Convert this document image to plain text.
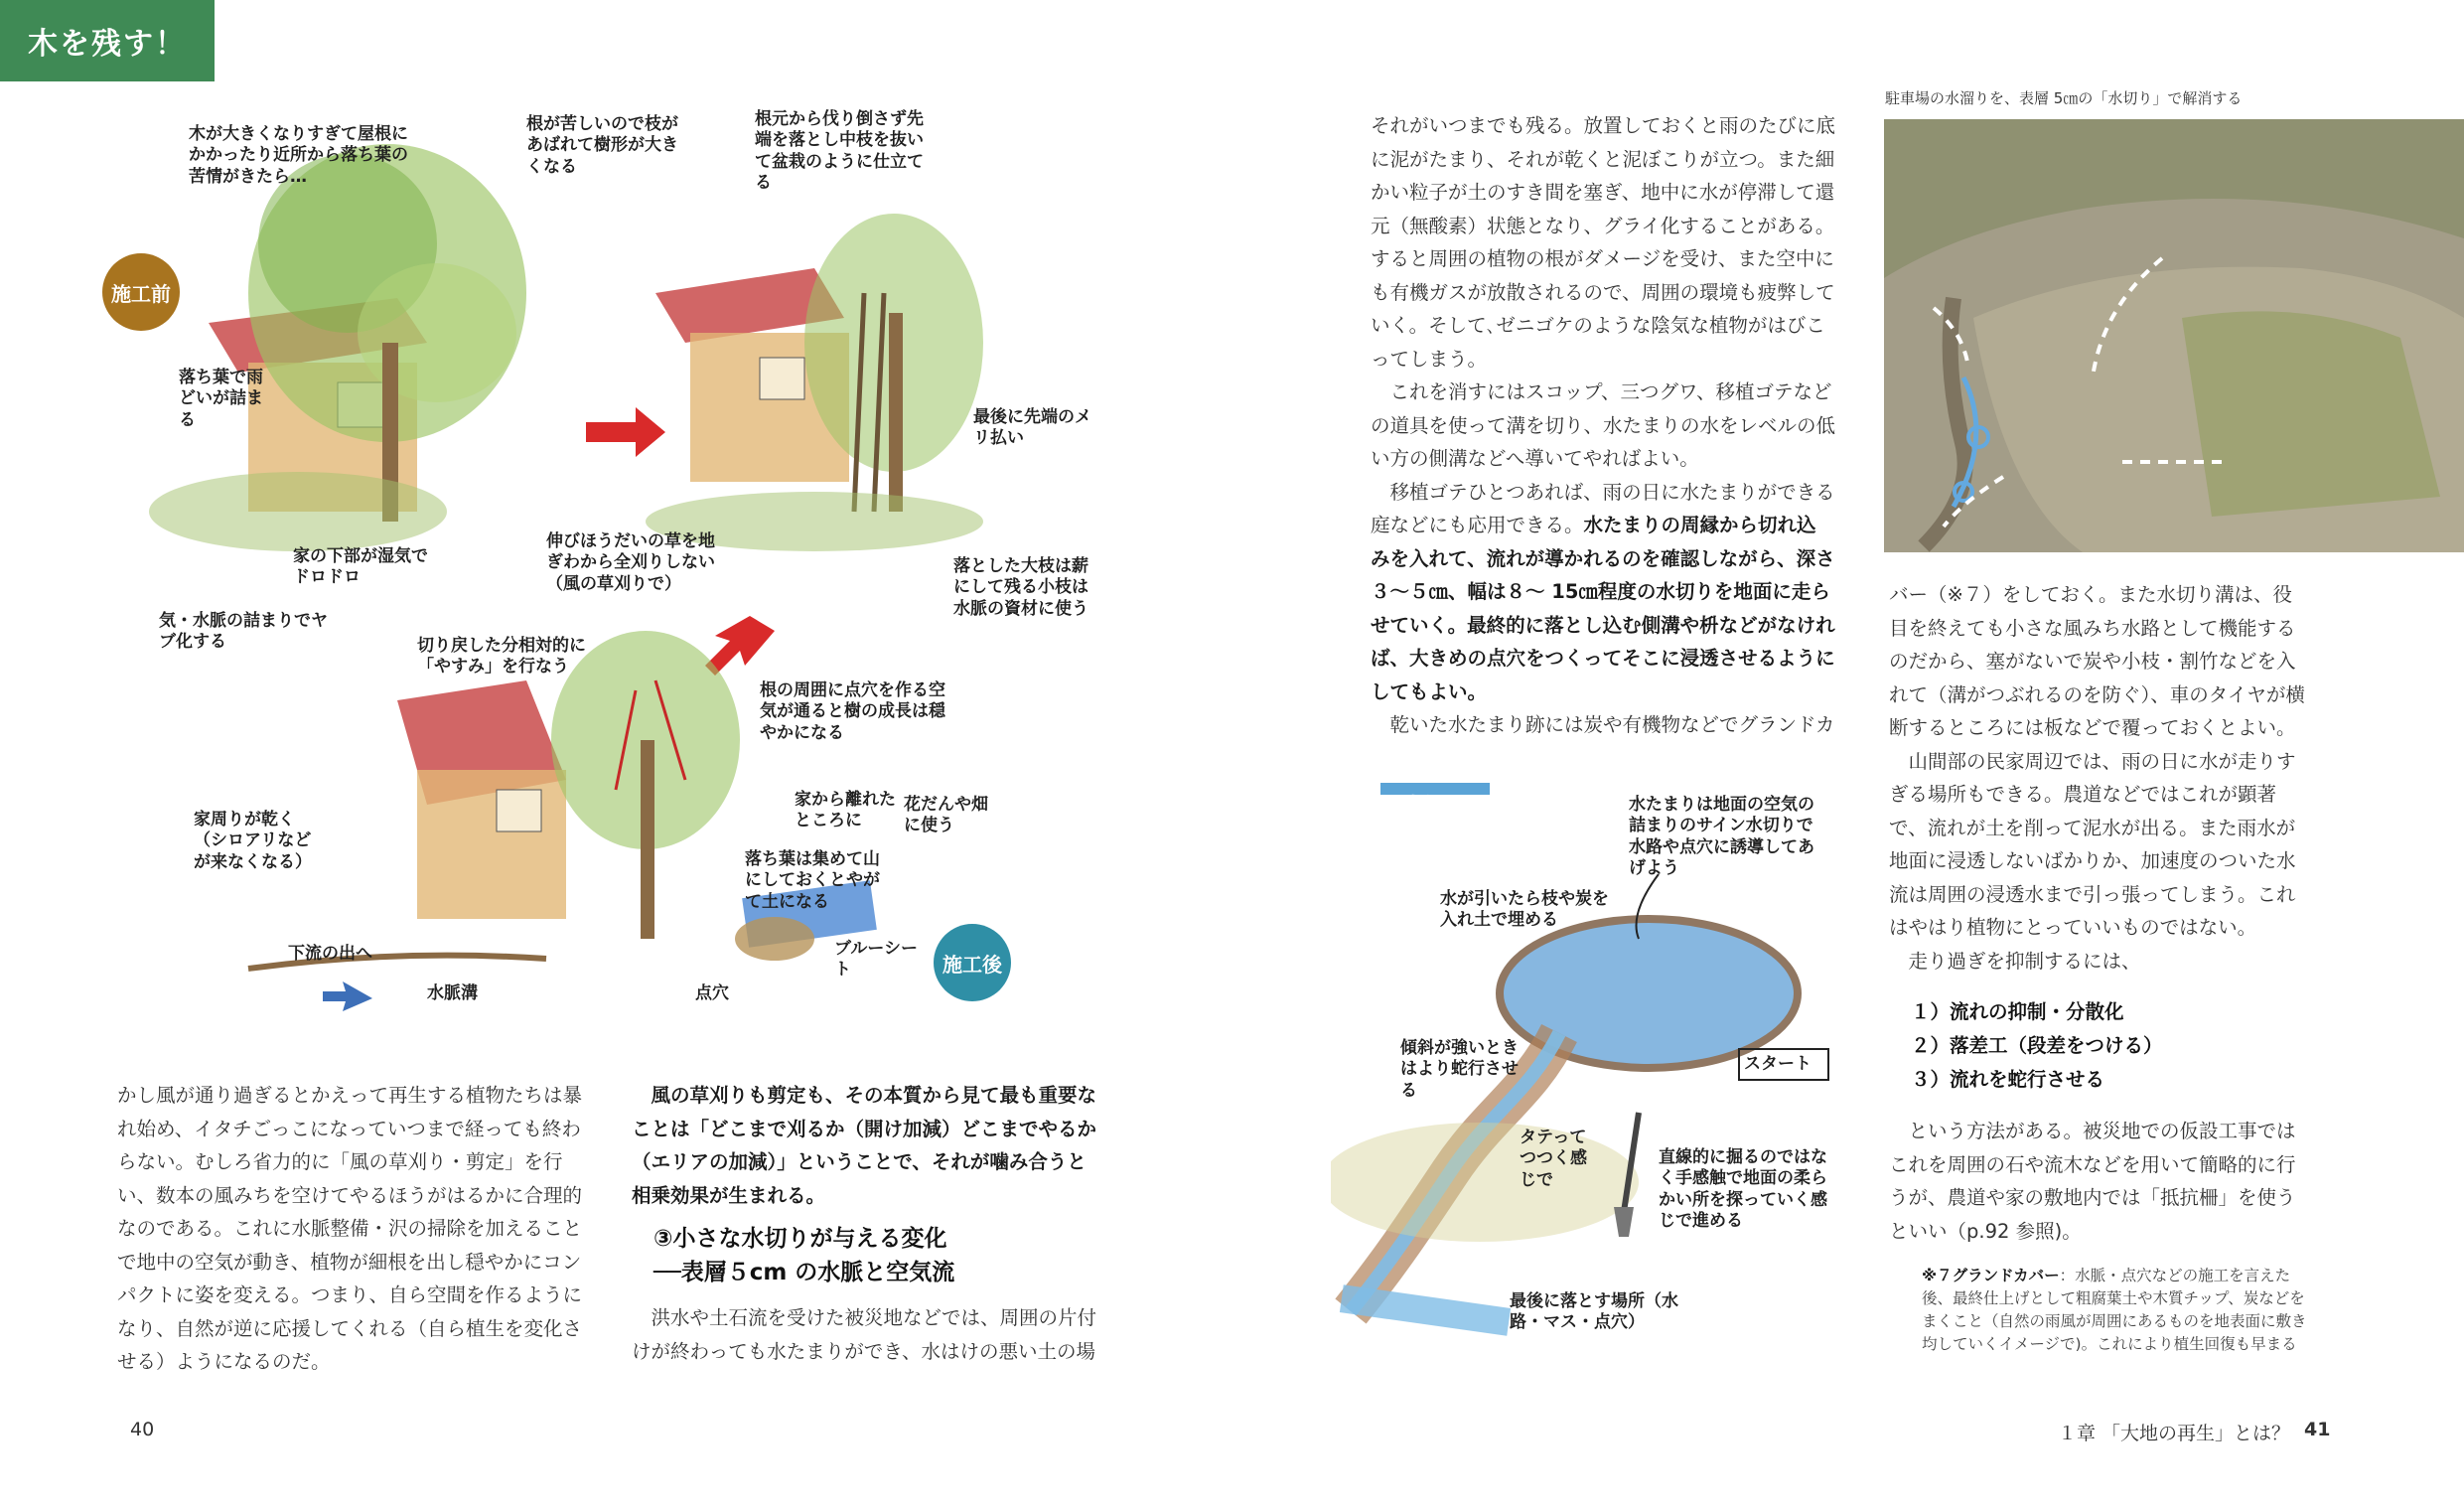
木を残す！
木が大きくなりすぎて屋根にかかったり近所から落ち葉の苦情がきたら…
根が苦しいので枝があばれて樹形が大きくなる
根元から伐り倒さず先端を落とし中枝を抜いて盆栽のように仕立てる
落ち葉で雨どいが詰まる	最後に先端のメリ払い
家の下部が湿気でドロドロ
伸びほうだいの草を地ぎわから全刈りしない（風の草刈りで）
気・水脈の詰まりでヤブ化する
落とした大枝は薪にして残る小枝は水脈の資材に使う
切り戻した分相対的に「やすみ」を行なう
根の周囲に点穴を作る空気が通ると樹の成長は穏やかになる
家周りが乾く（シロアリなどが来なくなる）
家から離れたところに
落ち葉は集めて山にしておくとやがて土になる
花だんや畑に使う
下流の出へ	ブルーシート
水脈溝	点穴
施工前
施工後

かし風が通り過ぎるとかえって再生する植物たちは暴れ始め、イタチごっこになっていつまで経っても終わらない。むしろ省力的に「風の草刈り・剪定」を行い、数本の風みちを空けてやるほうがはるかに合理的なのである。これに水脈整備・沢の掃除を加えることで地中の空気が動き、植物が細根を出し穏やかにコンパクトに姿を変える。つまり、自ら空間を作るようになり、自然が逆に応援してくれる（自ら植生を変化させる）ようになるのだ。

風の草刈りも剪定も、その本質から見て最も重要なことは「どこまで刈るか（開け加減）どこまでやるか（エリアの加減）」ということで、それが噛み合うと相乗効果が生まれる。

③小さな水切りが与える変化
──表層５cm の水脈と空気流

洪水や土石流を受けた被災地などでは、周囲の片付けが終わっても水たまりができ、水はけの悪い土の場

40

それがいつまでも残る。放置しておくと雨のたびに底に泥がたまり、それが乾くと泥ぼこりが立つ。また細かい粒子が土のすき間を塞ぎ、地中に水が停滞して還元（無酸素）状態となり、グライ化することがある。すると周囲の植物の根がダメージを受け、また空中にも有機ガスが放散されるので、周囲の環境も疲弊していく。そして､ゼニゴケのような陰気な植物がはびこってしまう。

これを消すにはスコップ、三つグワ、移植ゴテなどの道具を使って溝を切り、水たまりの水をレベルの低い方の側溝などへ導いてやればよい。

移植ゴテひとつあれば、雨の日に水たまりができる庭などにも応用できる。水たまりの周縁から切れ込みを入れて、流れが導かれるのを確認しながら、深さ３～５㎝、幅は８～ 15㎝程度の水切りを地面に走らせていく。最終的に落とし込む側溝や枡などがなければ、大きめの点穴をつくってそこに浸透させるようにしてもよい。

乾いた水たまり跡には炭や有機物などでグランドカ

水たまりは地面の空気の詰まりのサイン水切りで水路や点穴に誘導してあげよう
水が引いたら枝や炭を入れ土で埋める
傾斜が強いときはより蛇行させる
スタート
タテってつつく感じで
直線的に掘るのではなく手感触で地面の柔らかい所を探っていく感じで進める
最後に落とす場所（水路・マス・点穴）
駐車場の水溜りを、表層 5㎝の「水切り」で解消する

バー（※７）をしておく。また水切り溝は、役目を終えても小さな風みち水路として機能するのだから、塞がないで炭や小枝・割竹などを入れて（溝がつぶれるのを防ぐ）、車のタイヤが横断するところには板などで覆っておくとよい。

山間部の民家周辺では、雨の日に水が走りすぎる場所もできる。農道などではこれが顕著で、流れが土を削って泥水が出る。また雨水が地面に浸透しないばかりか、加速度のついた水流は周囲の浸透水まで引っ張ってしまう。これはやはり植物にとっていいものではない。

走り過ぎを抑制するには、

１）流れの抑制・分散化
２）落差工（段差をつける）
３）流れを蛇行させる

という方法がある。被災地での仮設工事ではこれを周囲の石や流木などを用いて簡略的に行うが、農道や家の敷地内では「抵抗柵」を使うといい（p.92 参照)。

※７グランドカバー：水脈・点穴などの施工を言えた後、最終仕上げとして粗腐葉土や木質チップ、炭などをまくこと（自然の雨風が周囲にあるものを地表面に敷き均していくイメージで)。これにより植生回復も早まる
１章 「大地の再生」とは？ 41
